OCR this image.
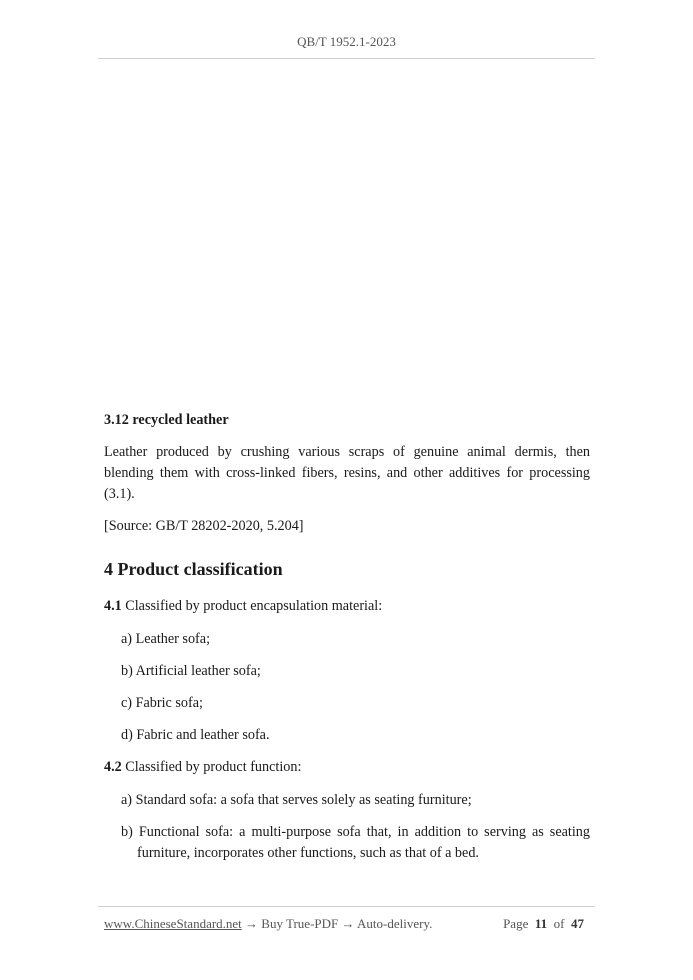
QB/T 1952.1-2023
3.12 recycled leather
Leather produced by crushing various scraps of genuine animal dermis, then blending them with cross-linked fibers, resins, and other additives for processing (3.1).
[Source: GB/T 28202-2020, 5.204]
4 Product classification
4.1 Classified by product encapsulation material:
a) Leather sofa;
b) Artificial leather sofa;
c) Fabric sofa;
d) Fabric and leather sofa.
4.2 Classified by product function:
a) Standard sofa: a sofa that serves solely as seating furniture;
b) Functional sofa: a multi-purpose sofa that, in addition to serving as seating furniture, incorporates other functions, such as that of a bed.
www.ChineseStandard.net → Buy True-PDF → Auto-delivery.	Page 11 of 47
